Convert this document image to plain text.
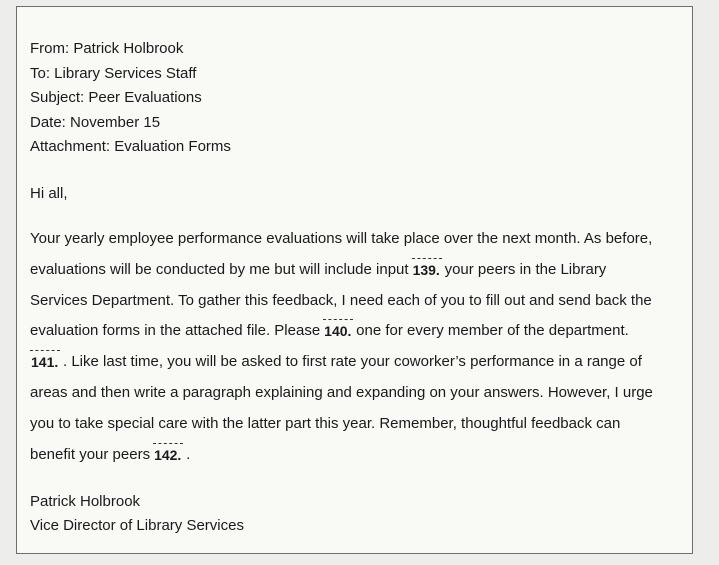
From: Patrick Holbrook
To: Library Services Staff
Subject: Peer Evaluations
Date: November 15
Attachment: Evaluation Forms
Hi all,
Your yearly employee performance evaluations will take place over the next month. As before,
evaluations will be conducted by me but will include input 139. your peers in the Library
Services Department. To gather this feedback, I need each of you to fill out and send back the
evaluation forms in the attached file. Please 140. one for every member of the department.
141. . Like last time, you will be asked to first rate your coworker’s performance in a range of
areas and then write a paragraph explaining and expanding on your answers. However, I urge
you to take special care with the latter part this year. Remember, thoughtful feedback can
benefit your peers 142. .
Patrick Holbrook
Vice Director of Library Services
